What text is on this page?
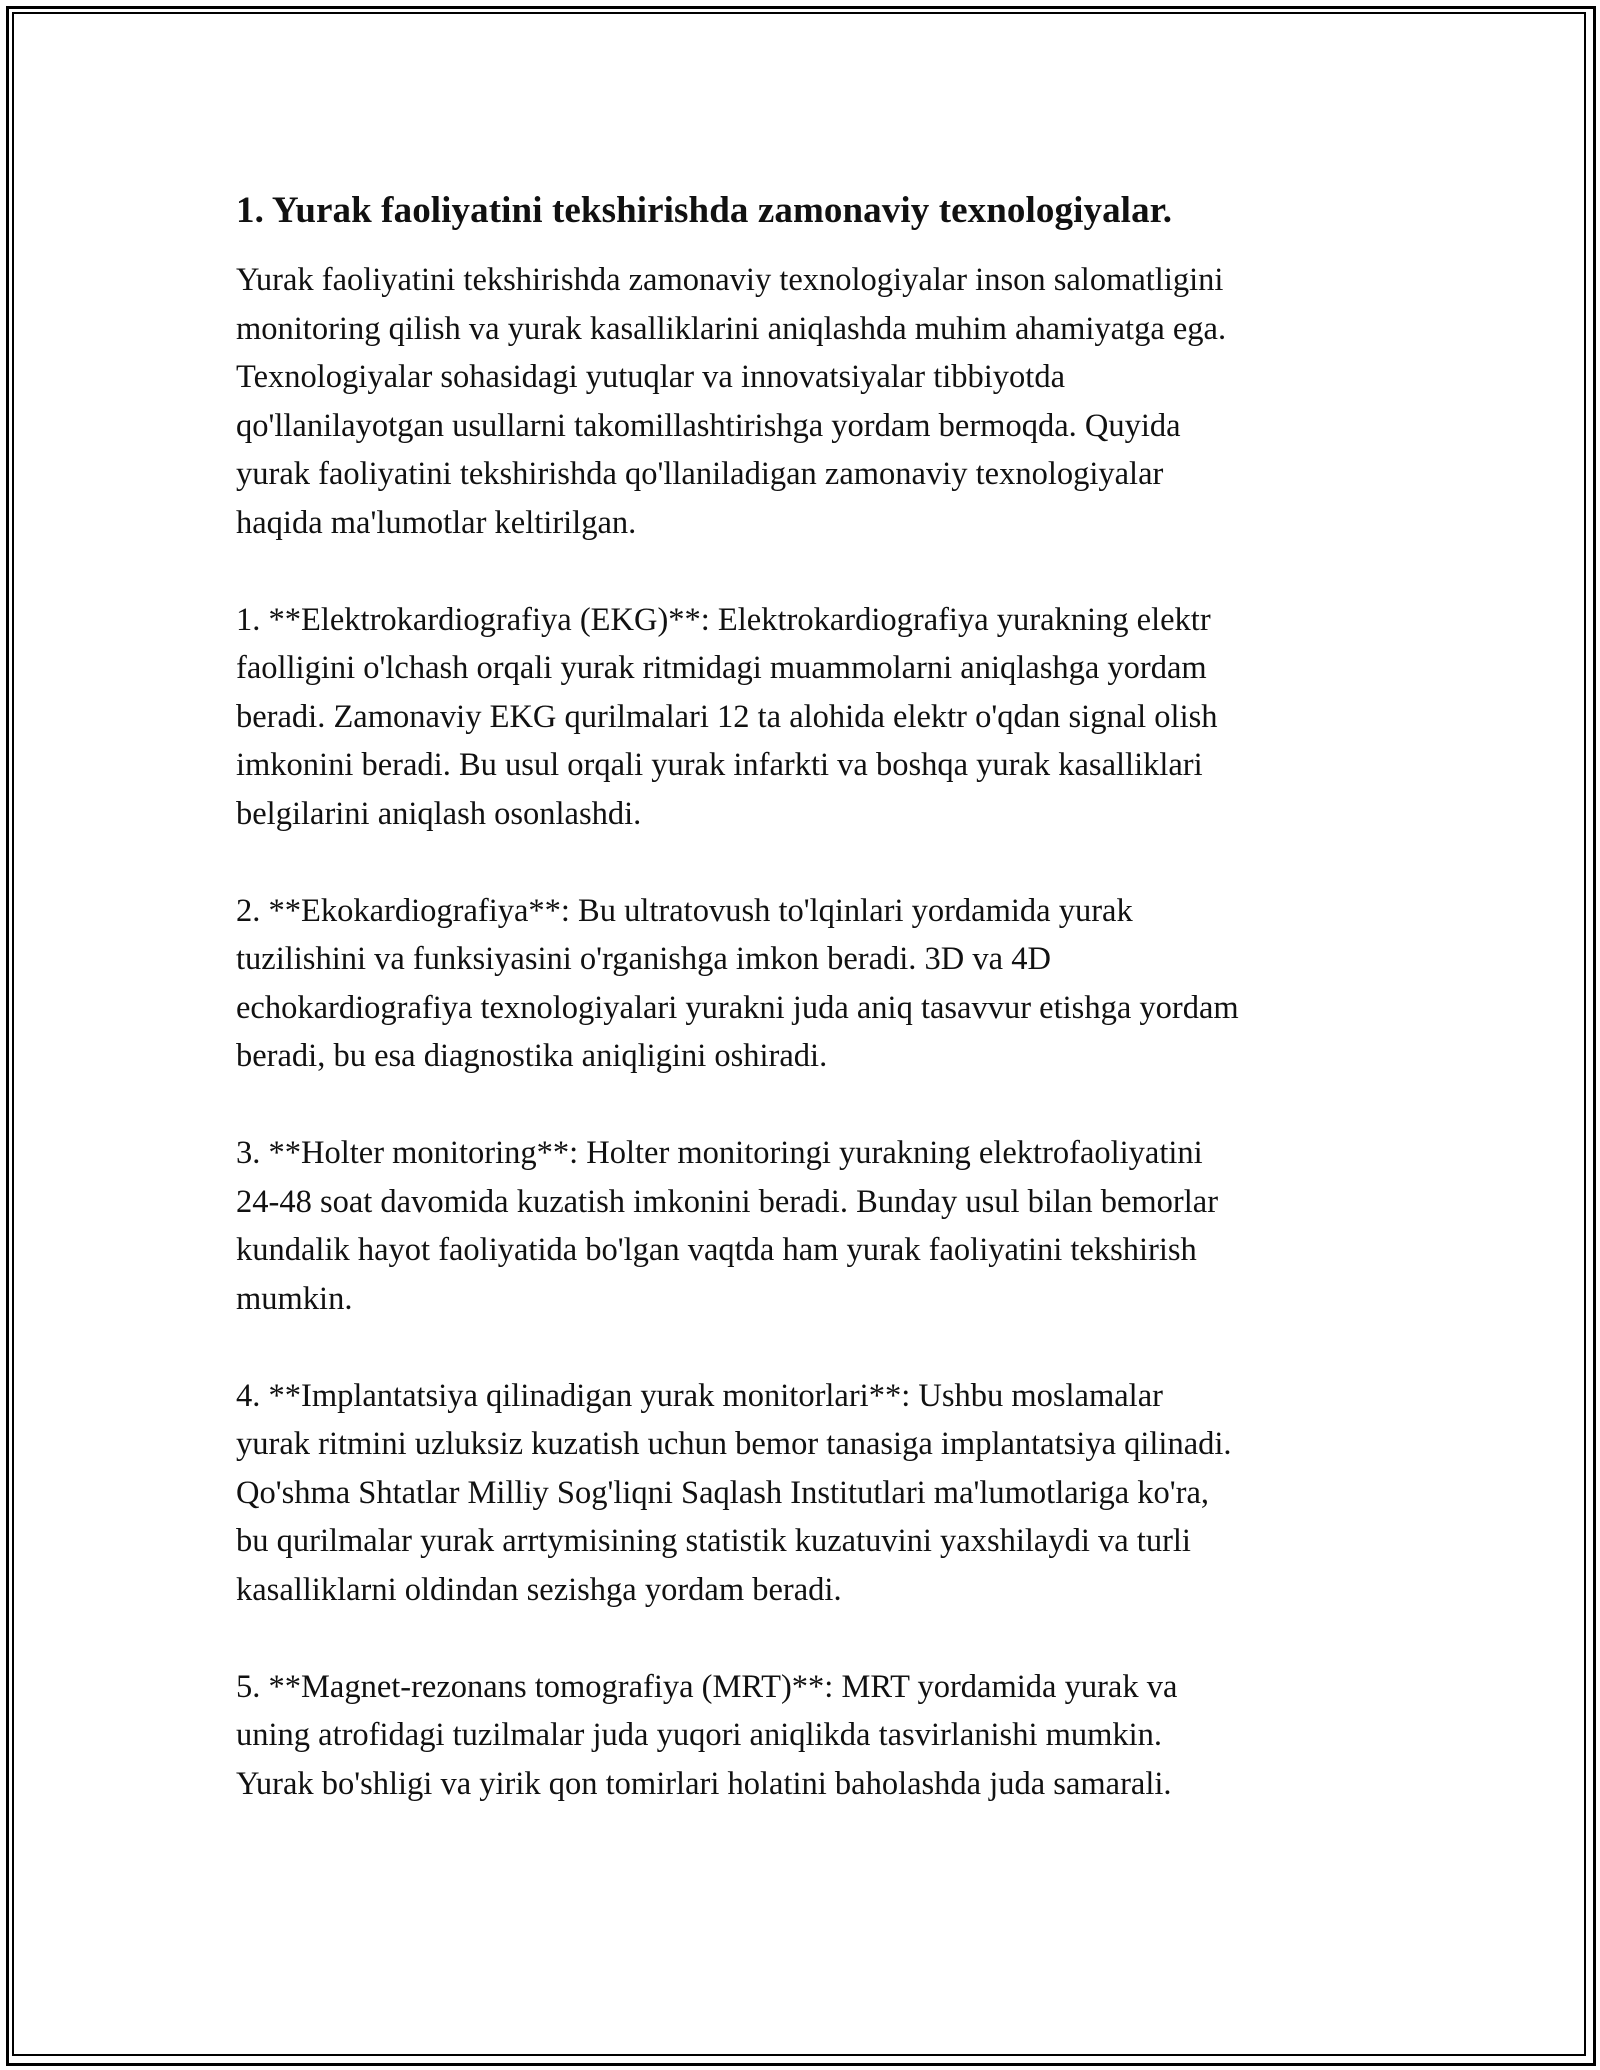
1. Yurak faoliyatini tekshirishda zamonaviy texnologiyalar.

Yurak faoliyatini tekshirishda zamonaviy texnologiyalar inson salomatligini
monitoring qilish va yurak kasalliklarini aniqlashda muhim ahamiyatga ega.
Texnologiyalar sohasidagi yutuqlar va innovatsiyalar tibbiyotda
qo'llanilayotgan usullarni takomillashtirishga yordam bermoqda. Quyida
yurak faoliyatini tekshirishda qo'llaniladigan zamonaviy texnologiyalar
haqida ma'lumotlar keltirilgan.

1. **Elektrokardiografiya (EKG)**: Elektrokardiografiya yurakning elektr
faolligini o'lchash orqali yurak ritmidagi muammolarni aniqlashga yordam
beradi. Zamonaviy EKG qurilmalari 12 ta alohida elektr o'qdan signal olish
imkonini beradi. Bu usul orqali yurak infarkti va boshqa yurak kasalliklari
belgilarini aniqlash osonlashdi.

2. **Ekokardiografiya**: Bu ultratovush to'lqinlari yordamida yurak
tuzilishini va funksiyasini o'rganishga imkon beradi. 3D va 4D
echokardiografiya texnologiyalari yurakni juda aniq tasavvur etishga yordam
beradi, bu esa diagnostika aniqligini oshiradi.

3. **Holter monitoring**: Holter monitoringi yurakning elektrofaoliyatini
24-48 soat davomida kuzatish imkonini beradi. Bunday usul bilan bemorlar
kundalik hayot faoliyatida bo'lgan vaqtda ham yurak faoliyatini tekshirish
mumkin.

4. **Implantatsiya qilinadigan yurak monitorlari**: Ushbu moslamalar
yurak ritmini uzluksiz kuzatish uchun bemor tanasiga implantatsiya qilinadi.
Qo'shma Shtatlar Milliy Sog'liqni Saqlash Institutlari ma'lumotlariga ko'ra,
bu qurilmalar yurak arrtymisining statistik kuzatuvini yaxshilaydi va turli
kasalliklarni oldindan sezishga yordam beradi.

5. **Magnet-rezonans tomografiya (MRT)**: MRT yordamida yurak va
uning atrofidagi tuzilmalar juda yuqori aniqlikda tasvirlanishi mumkin.
Yurak bo'shligi va yirik qon tomirlari holatini baholashda juda samarali.
